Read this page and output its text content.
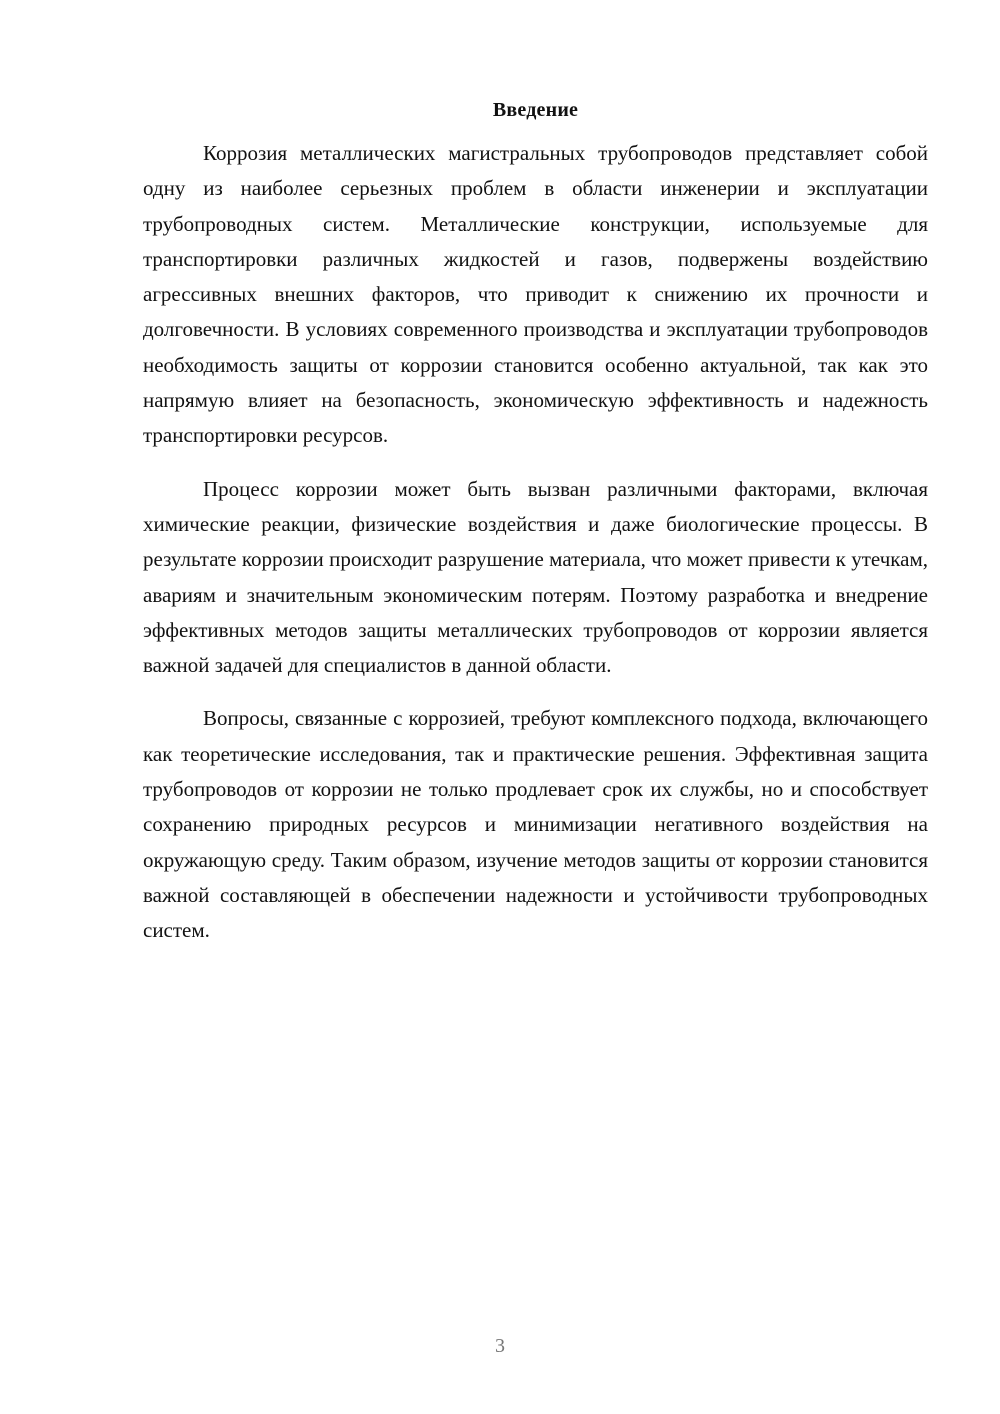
Введение

Коррозия металлических магистральных трубопроводов представляет собой одну из наиболее серьезных проблем в области инженерии и эксплуатации трубопроводных систем. Металлические конструкции, используемые для транспортировки различных жидкостей и газов, подвержены воздействию агрессивных внешних факторов, что приводит к снижению их прочности и долговечности. В условиях современного производства и эксплуатации трубопроводов необходимость защиты от коррозии становится особенно актуальной, так как это напрямую влияет на безопасность, экономическую эффективность и надежность транспортировки ресурсов.

Процесс коррозии может быть вызван различными факторами, включая химические реакции, физические воздействия и даже биологические процессы. В результате коррозии происходит разрушение материала, что может привести к утечкам, авариям и значительным экономическим потерям. Поэтому разработка и внедрение эффективных методов защиты металлических трубопроводов от коррозии является важной задачей для специалистов в данной области.

Вопросы, связанные с коррозией, требуют комплексного подхода, включающего как теоретические исследования, так и практические решения. Эффективная защита трубопроводов от коррозии не только продлевает срок их службы, но и способствует сохранению природных ресурсов и минимизации негативного воздействия на окружающую среду. Таким образом, изучение методов защиты от коррозии становится важной составляющей в обеспечении надежности и устойчивости трубопроводных систем.

3
